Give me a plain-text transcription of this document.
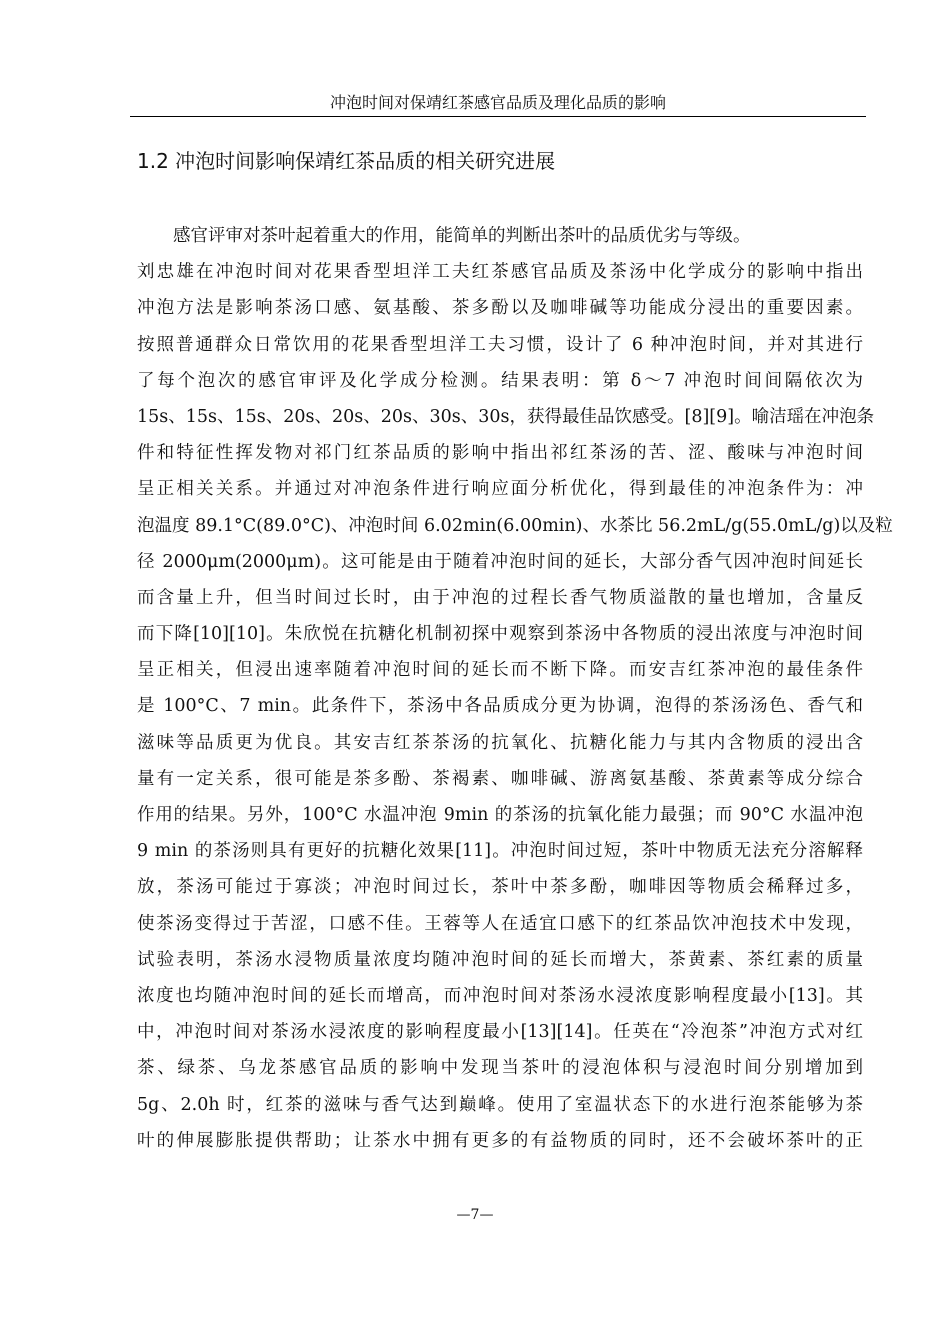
冲泡时间对保靖红茶感官品质及理化品质的影响
1.2 冲泡时间影响保靖红茶品质的相关研究进展
感官评审对茶叶起着重大的作用，能简单的判断出茶叶的品质优劣与等级。
刘忠雄在冲泡时间对花果香型坦洋工夫红茶感官品质及茶汤中化学成分的影响中指出
冲泡方法是影响茶汤口感、氨基酸、茶多酚以及咖啡碱等功能成分浸出的重要因素。
按照普通群众日常饮用的花果香型坦洋工夫习惯，设计了 6 种冲泡时间，并对其进行
了每个泡次的感官审评及化学成分检测。结果表明：第 δ～7 冲泡时间间隔依次为
15s、15s、15s、20s、20s、20s、30s、30s，获得最佳品饮感受。[8][9]。喻洁瑶在冲泡条
件和特征性挥发物对祁门红茶品质的影响中指出祁红茶汤的苦、涩、酸味与冲泡时间
呈正相关关系。并通过对冲泡条件进行响应面分析优化，得到最佳的冲泡条件为：冲
泡温度 89.1°C(89.0°C)、冲泡时间 6.02min(6.00min)、水茶比 56.2mL/g(55.0mL/g)以及粒
径 2000μm(2000μm)。这可能是由于随着冲泡时间的延长，大部分香气因冲泡时间延长
而含量上升，但当时间过长时，由于冲泡的过程长香气物质溢散的量也增加，含量反
而下降[10][10]。朱欣悦在抗糖化机制初探中观察到茶汤中各物质的浸出浓度与冲泡时间
呈正相关，但浸出速率随着冲泡时间的延长而不断下降。而安吉红茶冲泡的最佳条件
是 100°C、7 min。此条件下，茶汤中各品质成分更为协调，泡得的茶汤汤色、香气和
滋味等品质更为优良。其安吉红茶茶汤的抗氧化、抗糖化能力与其内含物质的浸出含
量有一定关系，很可能是茶多酚、茶褐素、咖啡碱、游离氨基酸、茶黄素等成分综合
作用的结果。另外，100°C 水温冲泡 9min 的茶汤的抗氧化能力最强；而 90°C 水温冲泡
9 min 的茶汤则具有更好的抗糖化效果[11]。冲泡时间过短，茶叶中物质无法充分溶解释
放，茶汤可能过于寡淡；冲泡时间过长，茶叶中茶多酚，咖啡因等物质会稀释过多，
使茶汤变得过于苦涩，口感不佳。王蓉等人在适宜口感下的红茶品饮冲泡技术中发现，
试验表明，茶汤水浸物质量浓度均随冲泡时间的延长而增大，茶黄素、茶红素的质量
浓度也均随冲泡时间的延长而增高，而冲泡时间对茶汤水浸浓度影响程度最小[13]。其
中，冲泡时间对茶汤水浸浓度的影响程度最小[13][14]。任英在“冷泡茶”冲泡方式对红
茶、绿茶、乌龙茶感官品质的影响中发现当茶叶的浸泡体积与浸泡时间分别增加到
5g、2.0h 时，红茶的滋味与香气达到巅峰。使用了室温状态下的水进行泡茶能够为茶
叶的伸展膨胀提供帮助；让茶水中拥有更多的有益物质的同时，还不会破坏茶叶的正
—7—
